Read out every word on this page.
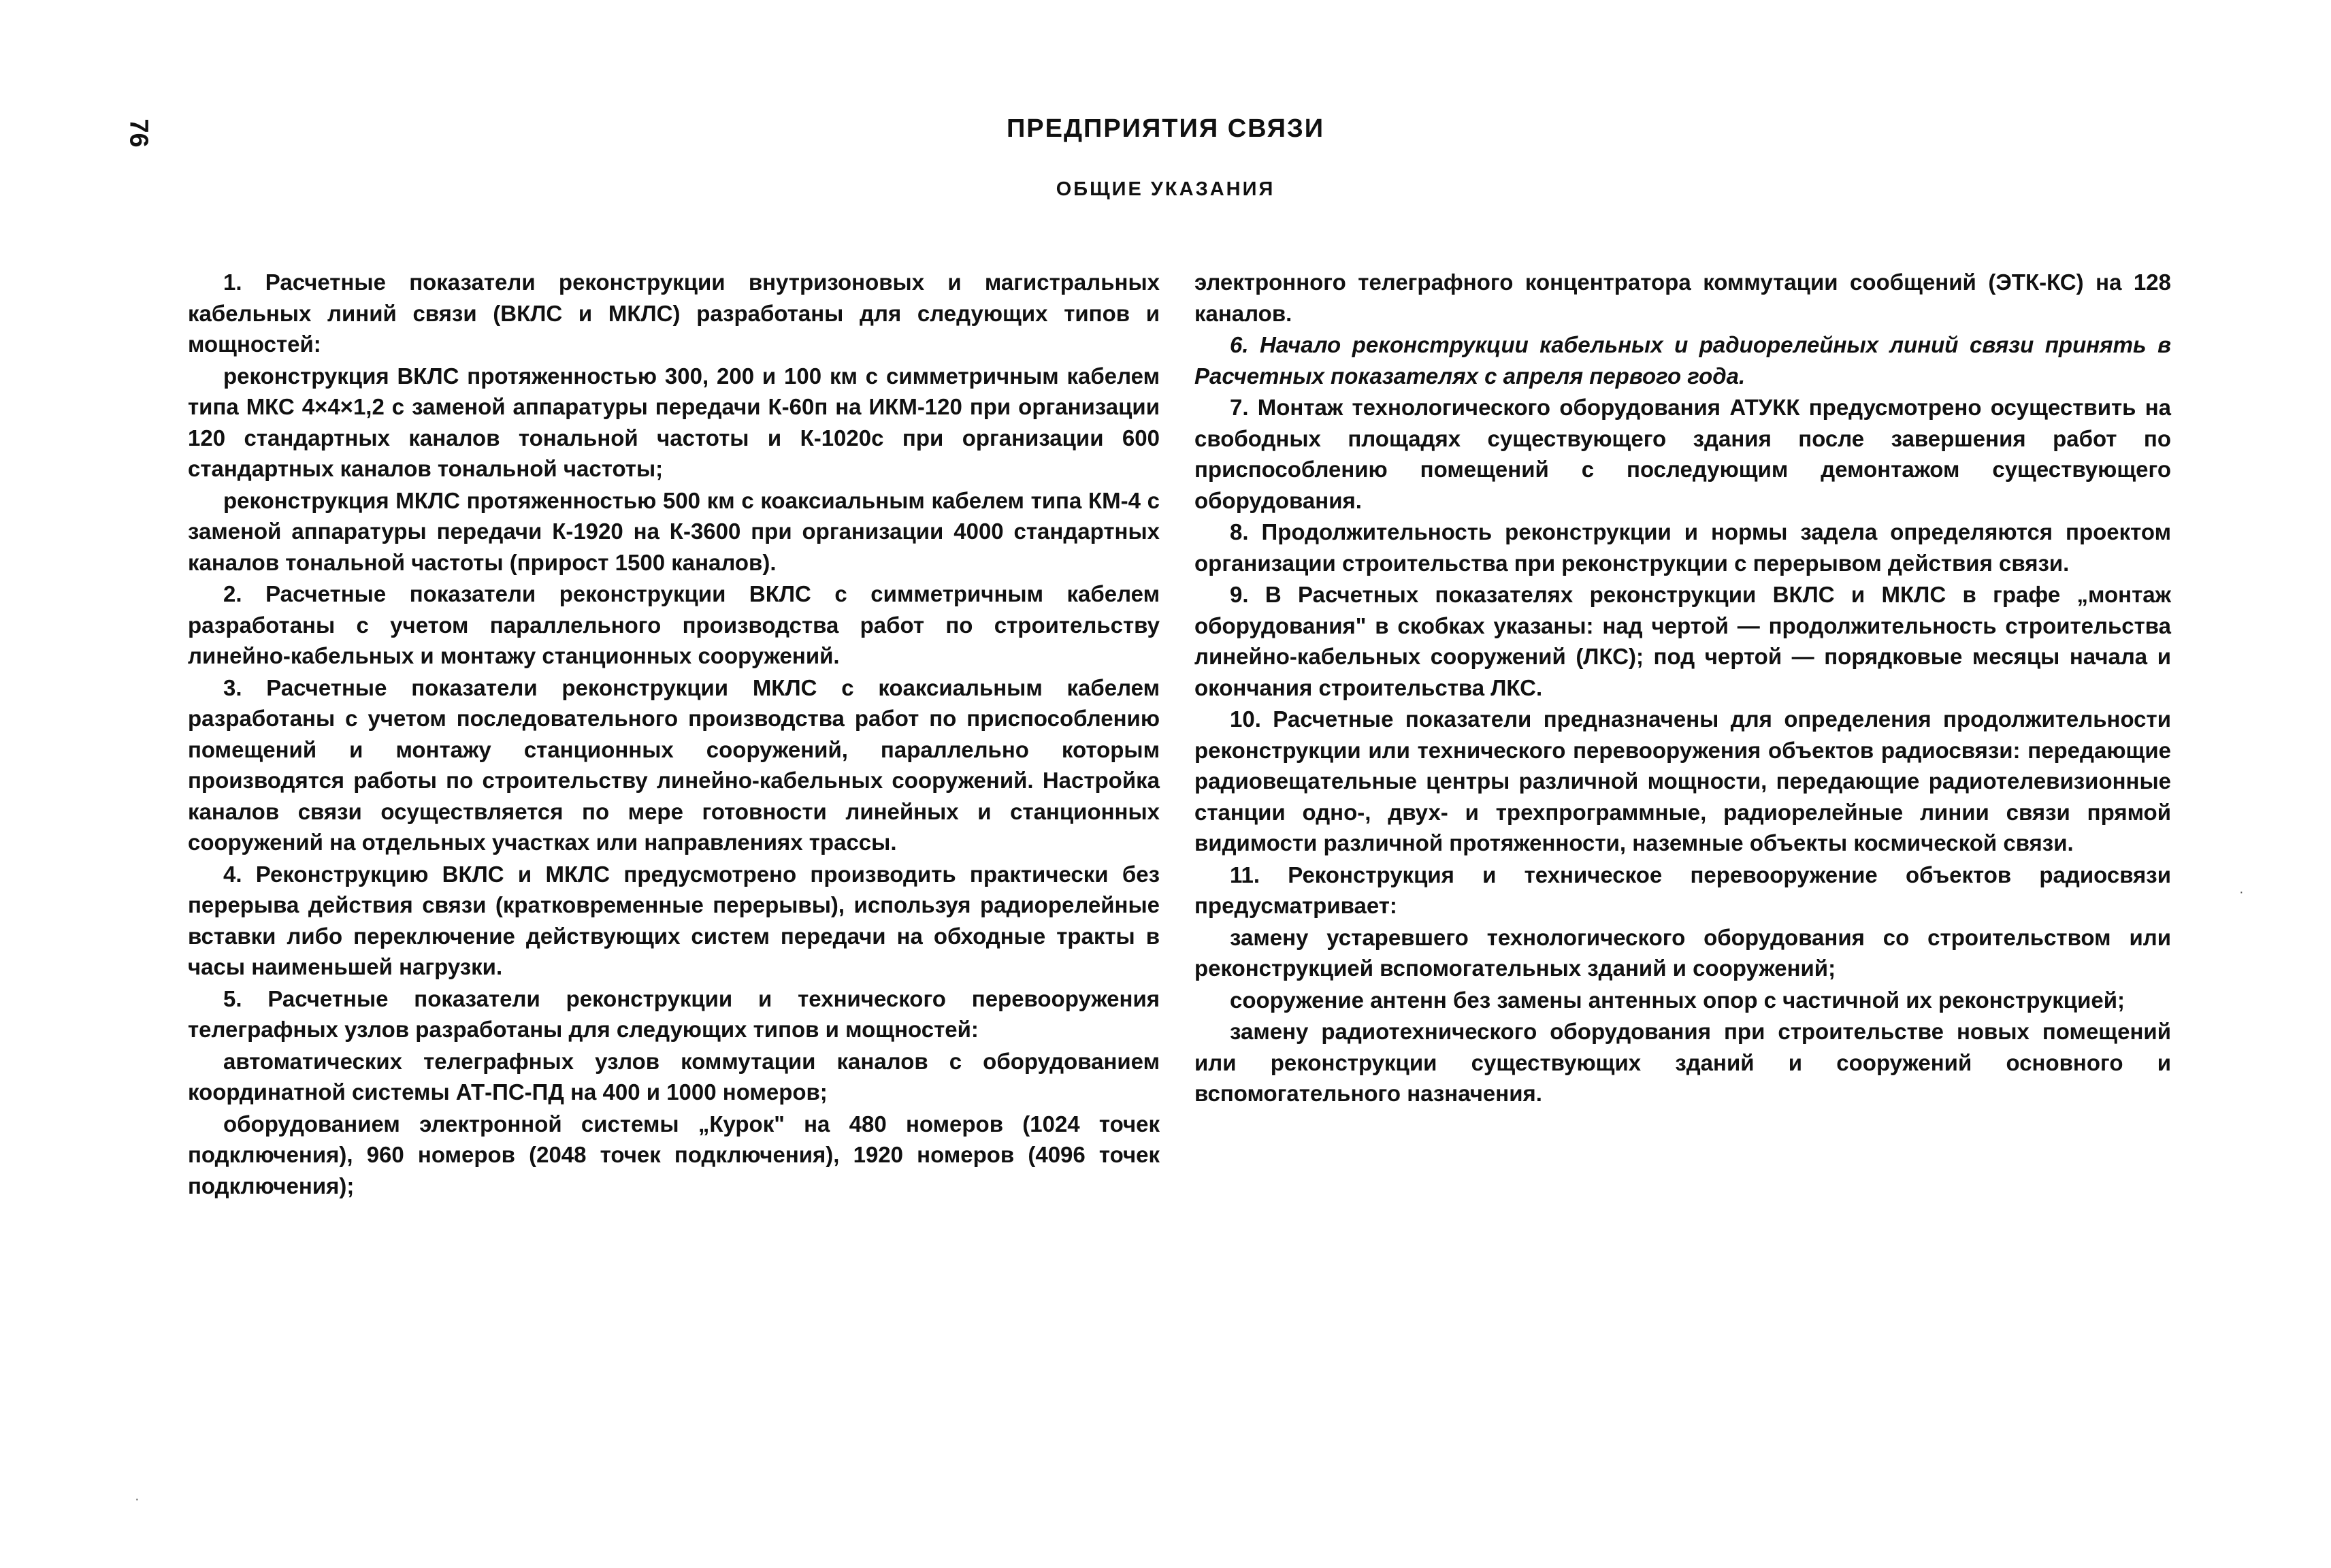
76	ПРЕДПРИЯТИЯ СВЯЗИ
ОБЩИЕ УКАЗАНИЯ

1. Расчетные показатели реконструкции внутризоновых и магистральных кабельных линий связи (ВКЛС и МКЛС) разработаны для следующих типов и мощностей:

реконструкция ВКЛС протяженностью 300, 200 и 100 км с симметричным кабелем типа МКС 4×4×1,2 с заменой аппаратуры передачи К-60п на ИКМ-120 при организации 120 стандартных каналов тональной частоты и К-1020с при организации 600 стандартных каналов тональной частоты;

реконструкция МКЛС протяженностью 500 км с коаксиальным кабелем типа КМ-4 с заменой аппаратуры передачи К-1920 на К-3600 при организации 4000 стандартных каналов тональной частоты (прирост 1500 каналов).

2. Расчетные показатели реконструкции ВКЛС с симметричным кабелем разработаны с учетом параллельного производства работ по строительству линейно-кабельных и монтажу станционных сооружений.

3. Расчетные показатели реконструкции МКЛС с коаксиальным кабелем разработаны с учетом последовательного производства работ по приспособлению помещений и монтажу станционных сооружений, параллельно которым производятся работы по строительству линейно-кабельных сооружений. Настройка каналов связи осуществляется по мере готовности линейных и станционных сооружений на отдельных участках или направлениях трассы.

4. Реконструкцию ВКЛС и МКЛС предусмотрено производить практически без перерыва действия связи (кратковременные перерывы), используя радиорелейные вставки либо переключение действующих систем передачи на обходные тракты в часы наименьшей нагрузки.

5. Расчетные показатели реконструкции и технического перевооружения телеграфных узлов разработаны для следующих типов и мощностей:

автоматических телеграфных узлов коммутации каналов с оборудованием координатной системы АТ-ПС-ПД на 400 и 1000 номеров;

оборудованием электронной системы „Курок" на 480 номеров (1024 точек подключения), 960 номеров (2048 точек подключения), 1920 номеров (4096 точек подключения);

электронного телеграфного концентратора коммутации сообщений (ЭТК-КС) на 128 каналов.

6. Начало реконструкции кабельных и радиорелейных линий связи принять в Расчетных показателях с апреля первого года.

7. Монтаж технологического оборудования АТУКК предусмотрено осуществить на свободных площадях существующего здания после завершения работ по приспособлению помещений с последующим демонтажом существующего оборудования.

8. Продолжительность реконструкции и нормы задела определяются проектом организации строительства при реконструкции с перерывом действия связи.

9. В Расчетных показателях реконструкции ВКЛС и МКЛС в графе „монтаж оборудования" в скобках указаны: над чертой — продолжительность строительства линейно-кабельных сооружений (ЛКС); под чертой — порядковые месяцы начала и окончания строительства ЛКС.

10. Расчетные показатели предназначены для определения продолжительности реконструкции или технического перевооружения объектов радиосвязи: передающие радиовещательные центры различной мощности, передающие радиотелевизионные станции одно-, двух- и трехпрограммные, радиорелейные линии связи прямой видимости различной протяженности, наземные объекты космической связи.

11. Реконструкция и техническое перевооружение объектов радиосвязи предусматривает:

замену устаревшего технологического оборудования со строительством или реконструкцией вспомогательных зданий и сооружений;

сооружение антенн без замены антенных опор с частичной их реконструкцией;

замену радиотехнического оборудования при строительстве новых помещений или реконструкции существующих зданий и сооружений основного и вспомогательного назначения.

·
·
